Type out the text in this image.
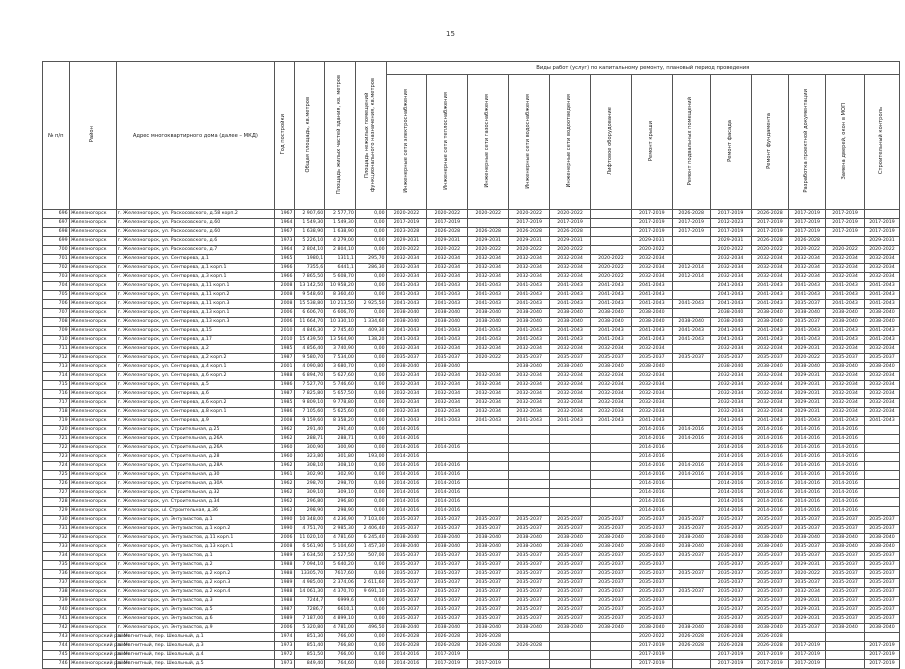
15
№ п/п	Район	Адрес многоквартирного дома (далее – МКД)	Год постройки	Общая площадь, кв.метров	Площадь жилых частей здания, кв. метров	Площадь нежилых помещений функционального назначения, кв.метров	Виды работ (услуг) по капитальному ремонту, плановый период проведения												
							Инженерные сети электроснабжения	Инженерные сети теплоснабжения	Инженерные сети газоснабжения	Инженерные сети водоснабжения	Инженерные сети водоотведения	Лифтовое оборудование	Ремонт крыши	Ремонт подвальных помещений	Ремонт фасада	Ремонт фундамента	Разработка проектной документации	Замена дверей, окон в МОП	Строительный контроль
696	Железногорск	г. Железногорск, ул. Раскосовского, д.58 корп.2	1967	2 907,60	2 577,70	0,00	2020-2022	2020-2022	2020-2022	2020-2022	2020-2022		2017-2019	2026-2028	2017-2019	2026-2028	2017-2019	2017-2019	
697	Железногорск	г. Железногорск, ул. Раскосовского, д.60	1964	1 549,30	1 549,30	0,00	2017-2019	2017-2019		2017-2019	2017-2019		2017-2019	2017-2019	2012-2023	2017-2019	2017-2019	2017-2019	2017-2019
698	Железногорск	г. Железногорск, ул. Раскосовского, д.60	1967	1 638,90	1 638,90	0,00	2023-2028	2026-2028	2026-2028	2026-2028	2026-2028		2017-2019	2017-2019	2017-2019	2017-2019	2017-2019	2017-2019	2017-2019
699	Железногорск	г. Железногорск, ул. Раскосовского, д.6	1973	5 226,10	4 279,00	0,00	2029-2031	2029-2031	2029-2031	2029-2031	2029-2031		2029-2031		2029-2031	2026-2028	2026-2028		2029-2031
700	Железногорск	г. Железногорск, ул. Раскосовского, д.7	1964	2 804,10	2 804,10	0,00	2020-2022	2020-2022	2020-2022	2020-2022	2020-2022		2020-2022		2020-2022	2020-2022	2020-2022	2020-2022	2020-2022
701	Железногорск	г. Железногорск, ул. Сентюрева, д.1	1965	1980,1	1311,1	295,70	2032-2034	2032-2034	2032-2034	2032-2034	2032-2034	2020-2022	2032-2034		2032-2034	2032-2034	2032-2034	2032-2034	2032-2034
702	Железногорск	г. Железногорск, ул. Сентюрева, д.1 корп.1	1966	7355,6	6441,1	286,30	2032-2034	2032-2034	2032-2034	2032-2034	2032-2034	2020-2022	2032-2034	2012-2014	2032-2034	2032-2034	2032-2034	2032-2034	2032-2034
703	Железногорск	г. Железногорск, ул. Сентюрева, д.3 корп.1	1966	7 865,50	5 608,70	0,00	2032-2034	2032-2034	2032-2034	2032-2034	2032-2034	2020-2022	2032-2034	2012-2014	2032-2034	2032-2034	2032-2034	2032-2034	2032-2034
704	Железногорск	г. Железногорск, ул. Сентюрева, д.11 корп.1	2008	13 142,50	10 958,20	0,00	2041-2043	2041-2043	2041-2043	2041-2043	2041-2043	2041-2043	2041-2043		2041-2043	2041-2043	2041-2043	2041-2043	2041-2043
705	Железногорск	г. Железногорск, ул. Сентюрева, д.11 корп.2	2008	9 548,60	8 360,40	0,00	2041-2043	2041-2043	2041-2043	2041-2043	2041-2043	2041-2043	2041-2043		2041-2043	2041-2043	2041-2043	2041-2043	2041-2043
706	Железногорск	г. Железногорск, ул. Сентюрева, д.11 корп.3	2008	15 538,80	10 213,50	2 925,50	2041-2043	2041-2043	2041-2043	2041-2043	2041-2043	2041-2043	2041-2043	2041-2043	2041-2043	2041-2043	2035-2037	2041-2043	2041-2043
707	Железногорск	г. Железногорск, ул. Сентюрева, д.13 корп.1	2006	6 606,70	6 606,70	0,00	2038-2040	2038-2040	2038-2040	2038-2040	2038-2040	2038-2040	2038-2040		2038-2040	2038-2040	2038-2040	2038-2040	2038-2040
708	Железногорск	г. Железногорск, ул. Сентюрева, д.13 корп.3	2006	11 664,70	10 330,10	1 334,60	2038-2040	2038-2040	2038-2040	2038-2040	2038-2040	2038-2040	2038-2040	2038-2040	2038-2040	2038-2040	2035-2037	2038-2040	2038-2040
709	Железногорск	г. Железногорск, ул. Сентюрева, д.15	2010	4 846,30	2 745,40	409,30	2041-2043	2041-2043	2041-2043	2041-2043	2041-2043	2041-2043	2041-2043	2041-2043	2041-2043	2041-2043	2041-2043	2041-2043	2041-2043
710	Железногорск	г. Железногорск, ул. Сентюрева, д.17	2010	15 439,50	13 564,90	138,20	2041-2043	2041-2043	2041-2043	2041-2043	2041-2043	2041-2043	2041-2043	2041-2043	2041-2043	2041-2043	2041-2043	2041-2043	2041-2043
711	Железногорск	г. Железногорск, ул. Сентюрева, д.2	1985	4 856,40	3 740,90	0,00	2032-2034	2032-2034	2032-2034	2032-2034	2032-2034	2032-2034	2032-2034		2032-2034	2032-2034	2029-2031	2032-2034	2032-2034
712	Железногорск	г. Железногорск, ул. Сентюрева, д.2 корп.2	1987	9 580,70	7 534,00	0,00	2035-2037	2035-2037	2020-2022	2035-2037	2035-2037	2035-2037	2035-2037	2035-2037	2035-2037	2035-2037	2020-2022	2035-2037	2035-2037
713	Железногорск	г. Железногорск, ул. Сентюрева, д.4 корп.1	2001	4 090,80	3 680,70	0,00	2038-2040	2038-2040		2038-2040	2038-2040	2038-2040	2038-2040		2038-2040	2038-2040	2038-2040	2038-2040	2038-2040
714	Железногорск	г. Железногорск, ул. Сентюрева, д.6 корп.2	1988	6 894,70	5 627,60	0,00	2032-2034	2032-2034	2032-2034	2032-2034	2032-2034	2032-2034	2032-2034		2032-2034	2032-2034	2029-2031	2032-2034	2032-2034
715	Железногорск	г. Железногорск, ул. Сентюрева, д.5	1986	7 527,70	5 746,60	0,00	2032-2034	2032-2034	2032-2034	2032-2034	2032-2034	2032-2034	2032-2034		2032-2034	2032-2034	2029-2031	2032-2034	2032-2034
716	Железногорск	г. Железногорск, ул. Сентюрева, д.6	1987	7 825,80	5 657,50	0,00	2032-2034	2032-2034	2032-2034	2032-2034	2032-2034	2032-2034	2032-2034		2032-2034	2032-2034	2029-2031	2032-2034	2032-2034
717	Железногорск	г. Железногорск, ул. Сентюрева, д.6 корп.2	1985	9 809,10	9 778,80	0,00	2032-2034	2032-2034	2032-2034	2032-2034	2032-2034	2032-2034	2032-2034		2032-2034	2032-2034	2029-2031	2032-2034	2032-2034
718	Железногорск	г. Железногорск, ул. Сентюрева, д.8 корп.1	1986	7 105,60	5 625,60	0,00	2032-2034	2032-2034	2032-2034	2032-2034	2032-2034	2032-2034	2032-2034		2032-2034	2032-2034	2029-2031	2032-2034	2032-2034
719	Железногорск	г. Железногорск, ул. Сентюрева, д.9	2008	9 159,60	8 358,20	0,00	2041-2043	2041-2043	2041-2043	2041-2043	2041-2043	2041-2043	2041-2043		2041-2043	2041-2043	2041-2043	2041-2043	2041-2043
720	Железногорск	г. Железногорск, ул. Строительная, д.25	1962	291,40	291,40	0,00	2014-2016						2014-2016	2014-2016	2014-2016	2014-2016	2014-2016	2014-2016	
721	Железногорск	г. Железногорск, ул. Строительная, д.26А	1962	288,71	288,71	0,00	2014-2016						2014-2016	2014-2016	2014-2016	2014-2016	2014-2016	2014-2016	
722	Железногорск	г. Железногорск, ул. Строительная, д.26А	1960	300,90	300,90	0,00	2014-2016	2014-2016					2014-2016		2014-2016	2014-2016	2014-2016	2014-2016	
723	Железногорск	г. Железногорск, ул. Строительная, д.28	1960	323,80	301,80	193,00	2014-2016						2014-2016		2014-2016	2014-2016	2014-2016	2014-2016	
724	Железногорск	г. Железногорск, ул. Строительная, д.28А	1962	308,10	308,10	0,00	2014-2016	2014-2016					2014-2016	2014-2016	2014-2016	2014-2016	2014-2016	2014-2016	
725	Железногорск	г. Железногорск, ул. Строительная, д.30	1961	302,90	302,90	0,00	2014-2016	2014-2016					2014-2016	2014-2016	2014-2016	2014-2016	2014-2016	2014-2016	
726	Железногорск	г. Железногорск, ул. Строительная, д.30А	1962	298,70	298,70	0,00	2014-2016	2014-2016					2014-2016		2014-2016	2014-2016	2014-2016	2014-2016	
727	Железногорск	г. Железногорск, ул. Строительная, д.32	1962	309,10	309,10	0,00	2014-2016	2014-2016					2014-2016		2014-2016	2014-2016	2014-2016	2014-2016	
728	Железногорск	г. Железногорск, ул. Строительная, д.34	1962	296,80	296,80	0,00	2014-2016	2014-2016					2014-2016		2014-2016	2014-2016	2014-2016	2014-2016	
729	Железногорск	г. Железногорск, ul. Строительная, д.36	1962	298,90	298,90	0,00	2014-2016	2014-2016					2014-2016		2014-2016	2014-2016	2014-2016	2014-2016	
730	Железногорск	г. Железногорск, ул. Энтузиастов, д.1	1990	10 348,00	4 236,90	7 103,00	2035-2037	2035-2037	2035-2037	2035-2037	2035-2037	2035-2037	2035-2037	2035-2037	2035-2037	2035-2037	2035-2037	2035-2037	2035-2037
731	Железногорск	г. Железногорск, ул. Энтузиастов, д.1 корп.2	1990	4 751,70	2 985,30	2 406,40	2035-2037	2035-2037	2035-2037	2035-2037	2035-2037	2035-2037	2035-2037	2035-2037	2035-2037	2035-2037	2035-2037	2035-2037	2035-2037
732	Железногорск	г. Железногорск, ул. Энтузиастов, д.11 корп.1	2006	11 020,10	4 781,60	6 245,40	2038-2040	2038-2040	2038-2040	2038-2040	2038-2040	2038-2040	2038-2040	2038-2040	2038-2040	2038-2040	2038-2040	2038-2040	2038-2040
733	Железногорск	г. Железногорск, ул. Энтузиастов, д.13 корп.1	2008	6 561,90	5 104,60	1 457,30	2038-2040	2038-2040	2038-2040	2038-2040	2038-2040	2038-2040	2038-2040	2038-2040	2038-2040	2038-2040	2035-2037	2038-2040	2038-2040
734	Железногорск	г. Железногорск, ул. Энтузиастов, д.1	1989	3 634,50	2 527,50	507,00	2035-2037	2035-2037	2035-2037	2035-2037	2035-2037	2035-2037	2035-2037	2035-2037	2035-2037	2035-2037	2035-2037	2035-2037	2035-2037
735	Железногорск	г. Железногорск, ул. Энтузиастов, д.2	1988	7 094,10	5 640,20	0,00	2035-2037	2035-2037	2035-2037	2035-2037	2035-2037	2035-2037	2035-2037		2035-2037	2035-2037	2029-2031	2035-2037	2035-2037
736	Железногорск	г. Железногорск, ул. Энтузиастов, д.2 корп.2	1988	13305,70	7617,60	0,00	2035-2037	2035-2037	2035-2037	2035-2037	2035-2037	2035-2037	2035-2037	2035-2037	2035-2037	2035-2037	2020-2022	2035-2037	2035-2037
737	Железногорск	г. Железногорск, ул. Энтузиастов, д.2 корп.3	1989	4 985,00	2 374,06	2 611,60	2035-2037	2035-2037	2035-2037	2035-2037	2035-2037	2035-2037	2035-2037		2035-2037	2035-2037	2035-2037	2035-2037	2035-2037
738	Железногорск	г. Железногорск, ул. Энтузиастов, д.2 корп.4	1988	14 061,30	4 370,70	9 691,10	2035-2037	2035-2037	2035-2037	2035-2037	2035-2037	2035-2037	2035-2037	2035-2037	2035-2037	2035-2037	2032-2034	2035-2037	2035-2037
739	Железногорск	г. Железногорск, ул. Энтузиастов, д.3	1988	7244,7	6999,6	0,00	2035-2037	2035-2037	2035-2037	2035-2037	2035-2037	2035-2037	2035-2037		2035-2037	2035-2037	2029-2031	2035-2037	2035-2037
740	Железногорск	г. Железногорск, ул. Энтузиастов, д.5	1987	7286,7	6610,1	0,00	2035-2037	2035-2037	2035-2037	2035-2037	2035-2037	2035-2037	2035-2037		2035-2037	2035-2037	2029-2031	2035-2037	2035-2037
741	Железногорск	г. Железногорск, ул. Энтузиастов, д.6	1989	7 187,00	4 899,10	0,00	2035-2037	2035-2037	2035-2037	2035-2037	2035-2037	2035-2037	2035-2037		2035-2037	2035-2037	2029-2031	2035-2037	2035-2037
742	Железногорск	г. Железногорск, ул. Энтузиастов, д.9	2006	5 320,80	4 781,00	496,50	2038-2040	2038-2040	2038-2040	2038-2040	2038-2040	2038-2040	2038-2040	2038-2040	2038-2040	2038-2040	2035-2037	2038-2040	2038-2040
743	Железногорский район	п. Магнитный, пер. Школьный, д.1	1974	851,30	766,00	0,00	2026-2028	2026-2028	2026-2028				2020-2022	2026-2028	2026-2028	2026-2028			
744	Железногорский район	п. Магнитный, пер. Школьный, д.3	1973	851,40	766,80	0,00	2026-2028	2026-2028	2026-2028	2026-2028			2017-2019	2026-2028	2026-2028	2026-2028	2017-2019		2017-2019
745	Железногорский район	п. Магнитный, пер. Школьный, д.4	1972	851,50	766,00	0,00	2014-2016	2017-2019					2017-2019		2017-2019	2017-2019	2017-2019		2017-2019
746	Железногорский район	п. Магнитный, пер. Школьный, д.5	1973	849,40	764,60	0,00	2014-2016	2017-2019	2017-2019				2017-2019		2017-2019	2017-2019	2017-2019		2017-2019
